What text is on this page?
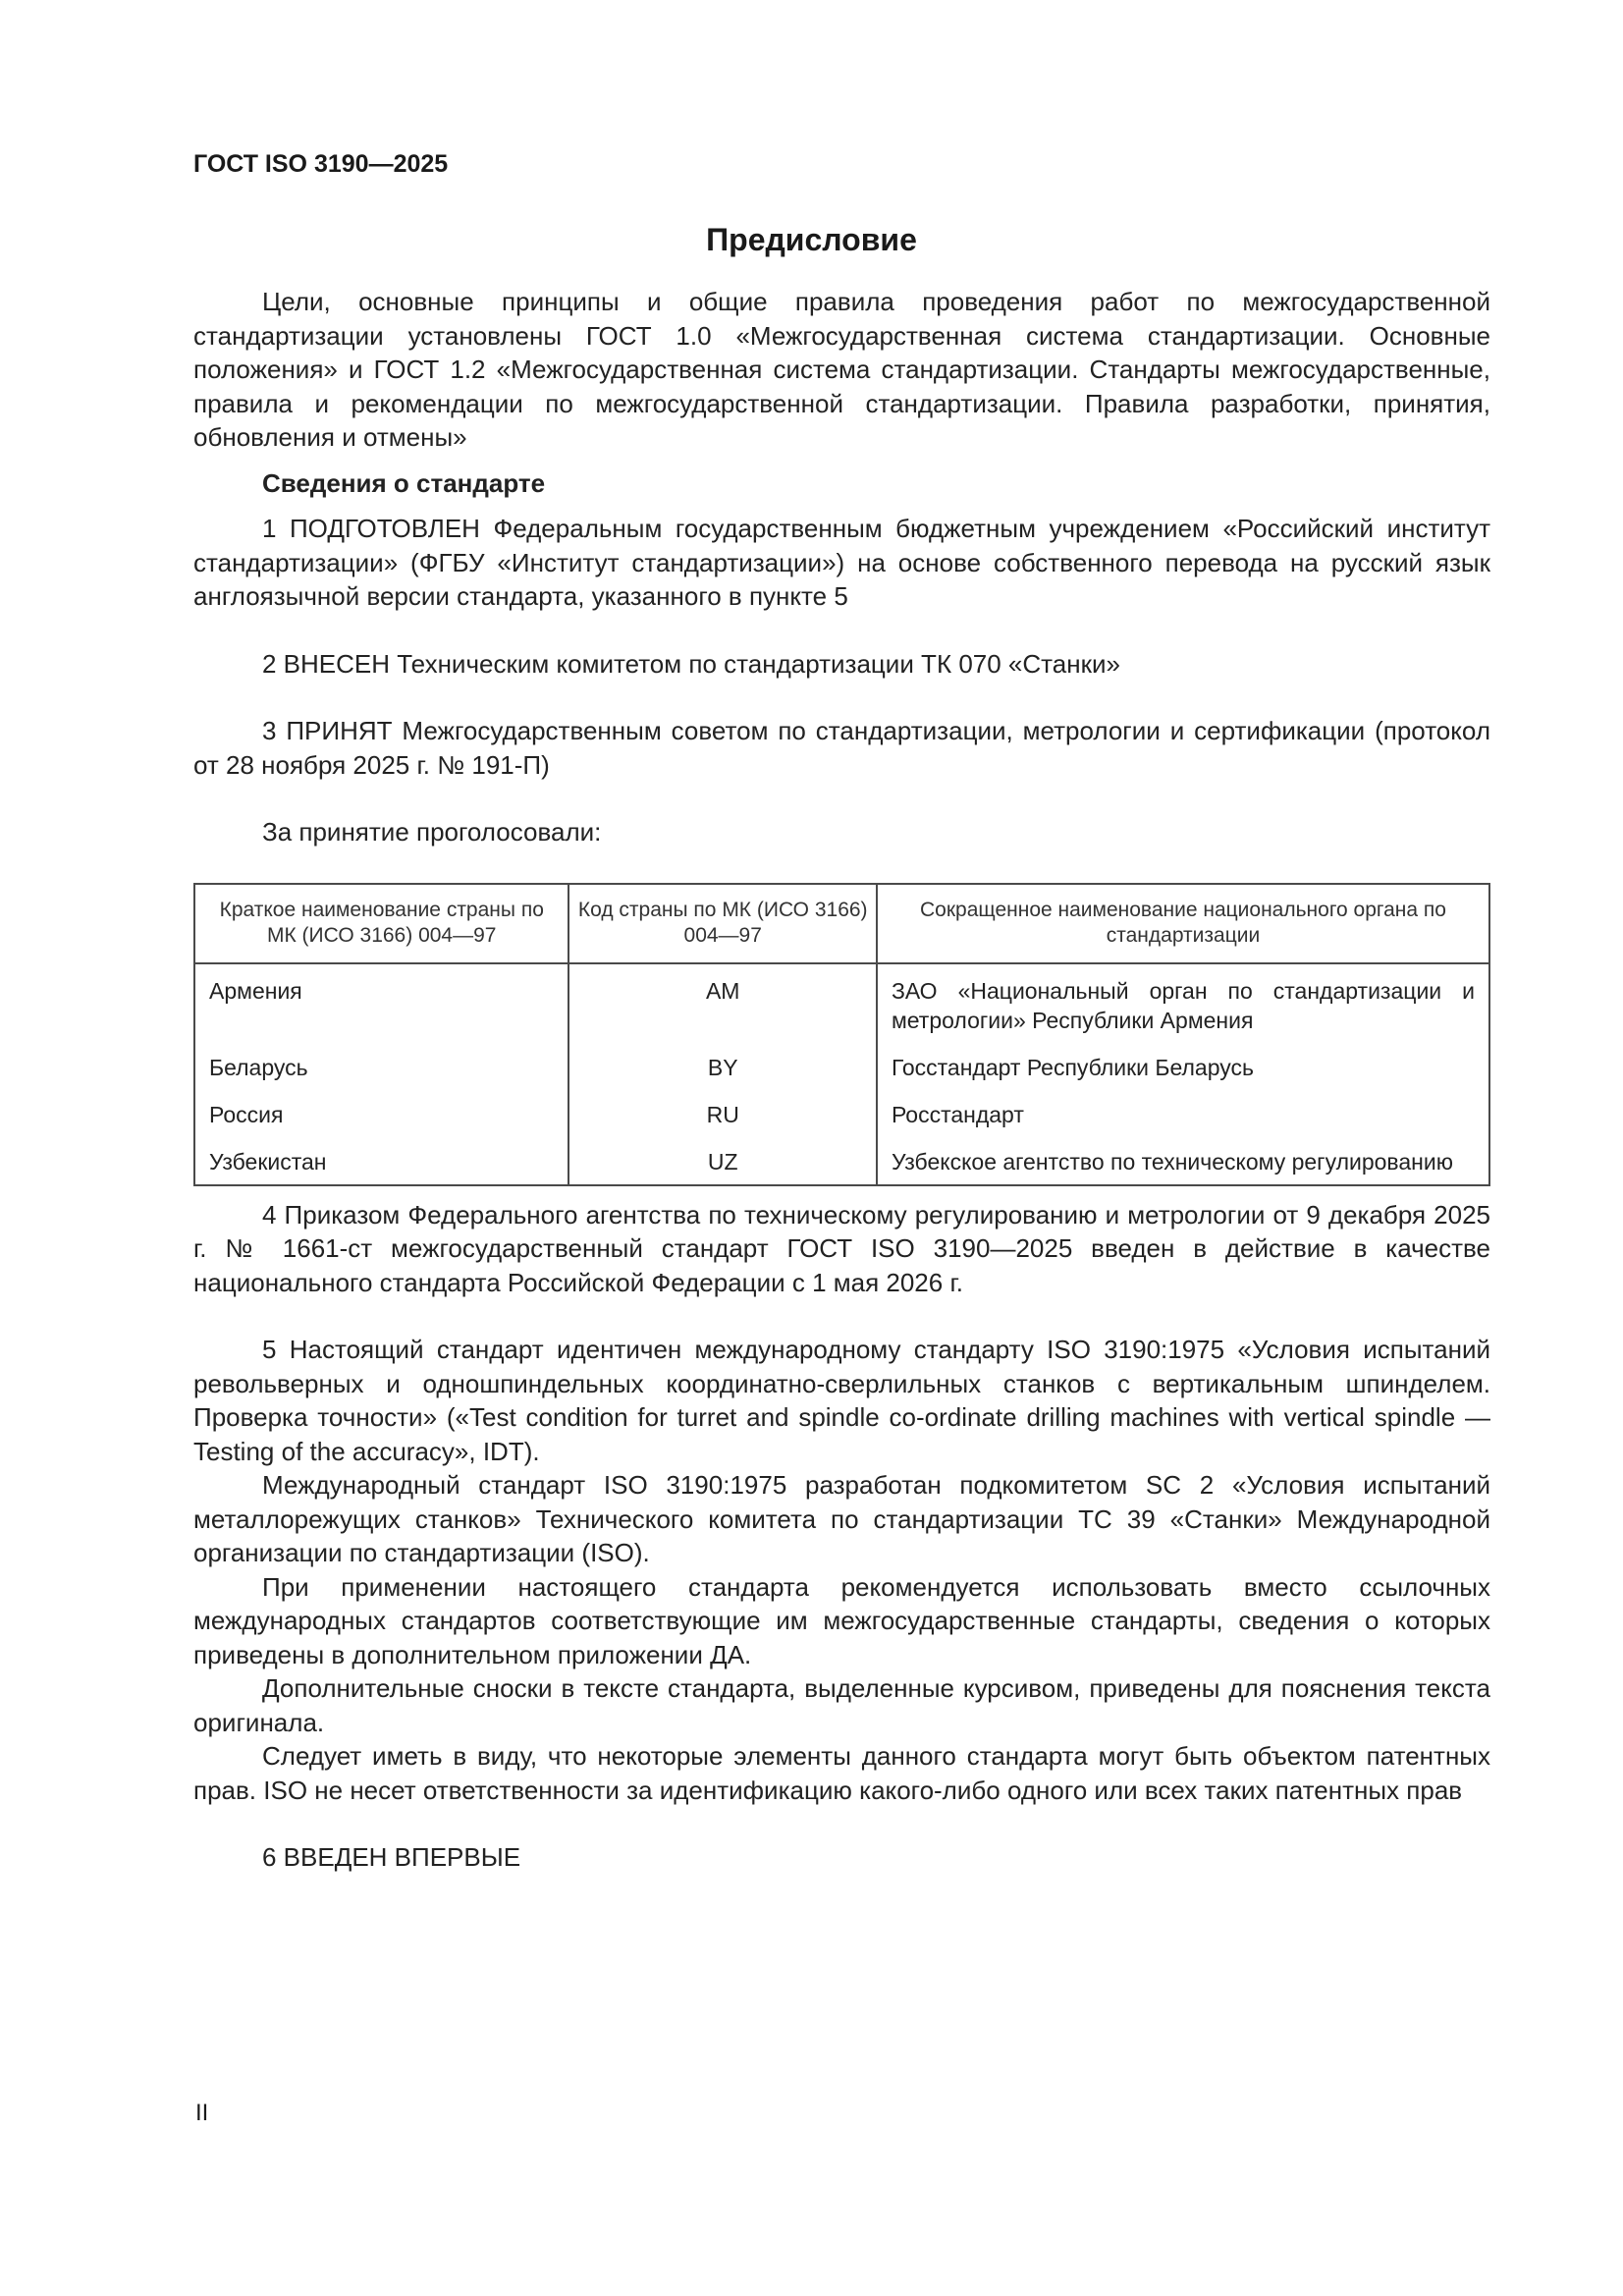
ГОСТ ISO 3190—2025
Предисловие

Цели, основные принципы и общие правила проведения работ по межгосударственной стандартизации установлены ГОСТ 1.0 «Межгосударственная система стандартизации. Основные положения» и ГОСТ 1.2 «Межгосударственная система стандартизации. Стандарты межгосударственные, правила и рекомендации по межгосударственной стандартизации. Правила разработки, принятия, обновления и отмены»

Сведения о стандарте

1 ПОДГОТОВЛЕН Федеральным государственным бюджетным учреждением «Российский институт стандартизации» (ФГБУ «Институт стандартизации») на основе собственного перевода на русский язык англоязычной версии стандарта, указанного в пункте 5

2 ВНЕСЕН Техническим комитетом по стандартизации ТК 070 «Станки»

3 ПРИНЯТ Межгосударственным советом по стандартизации, метрологии и сертификации (протокол от 28 ноября 2025 г. № 191-П)

За принятие проголосовали:

Краткое наименование страны по МК (ИСО 3166) 004—97	Код страны по МК (ИСО 3166) 004—97	Сокращенное наименование национального органа по стандартизации
Армения	AM	ЗАО «Национальный орган по стандартизации и метрологии» Республики Армения

Беларусь	BY	Госстандарт Республики Беларусь

Россия	RU	Росстандарт

Узбекистан	UZ	Узбекское агентство по техническому регулированию

4 Приказом Федерального агентства по техническому регулированию и метрологии от 9 декабря 2025 г. № 1661-ст межгосударственный стандарт ГОСТ ISO 3190—2025 введен в действие в качестве национального стандарта Российской Федерации с 1 мая 2026 г.

5 Настоящий стандарт идентичен международному стандарту ISO 3190:1975 «Условия испытаний револьверных и одношпиндельных координатно-сверлильных станков с вертикальным шпинделем. Проверка точности» («Test condition for turret and spindle co-ordinate drilling machines with vertical spindle — Testing of the accuracy», IDT).

Международный стандарт ISO 3190:1975 разработан подкомитетом SC 2 «Условия испытаний металлорежущих станков» Технического комитета по стандартизации ТС 39 «Станки» Международной организации по стандартизации (ISO).

При применении настоящего стандарта рекомендуется использовать вместо ссылочных международных стандартов соответствующие им межгосударственные стандарты, сведения о которых приведены в дополнительном приложении ДА.

Дополнительные сноски в тексте стандарта, выделенные курсивом, приведены для пояснения текста оригинала.

Следует иметь в виду, что некоторые элементы данного стандарта могут быть объектом патентных прав. ISO не несет ответственности за идентификацию какого-либо одного или всех таких патентных прав

6 ВВЕДЕН ВПЕРВЫЕ

II
